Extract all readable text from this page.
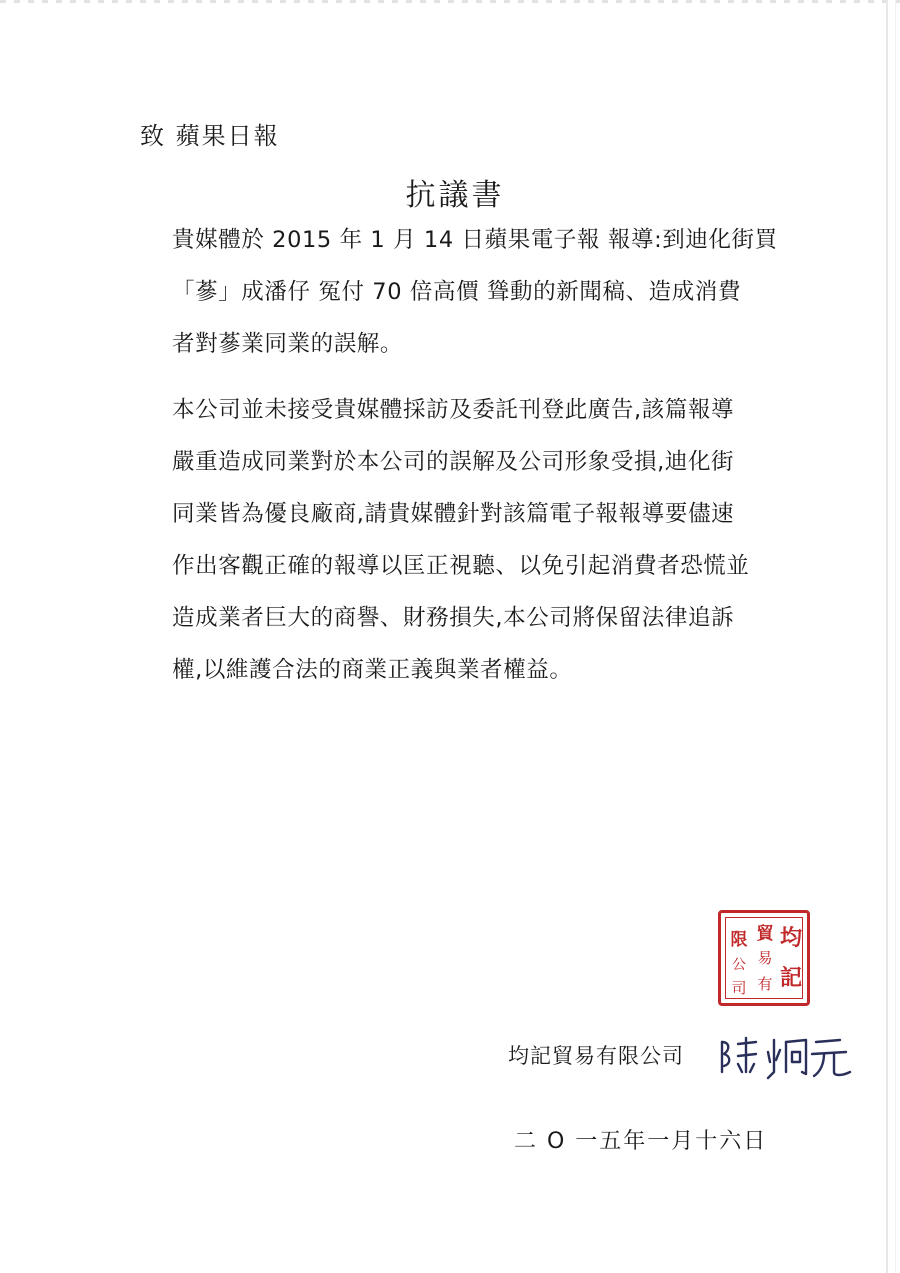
致 蘋果日報
抗議書
貴媒體於 2015 年 1 月 14 日蘋果電子報 報導:到迪化街買
「蔘」成潘仔 冤付 70 倍高價 聳動的新聞稿、造成消費
者對蔘業同業的誤解。
本公司並未接受貴媒體採訪及委託刊登此廣告,該篇報導
嚴重造成同業對於本公司的誤解及公司形象受損,迪化街
同業皆為優良廠商,請貴媒體針對該篇電子報報導要儘速
作出客觀正確的報導以匡正視聽、以免引起消費者恐慌並
造成業者巨大的商譽、財務損失,本公司將保留法律追訴
權,以維護合法的商業正義與業者權益。
均
記
貿
易
有
限
公
司
均記貿易有限公司
二 O 一五年一月十六日
